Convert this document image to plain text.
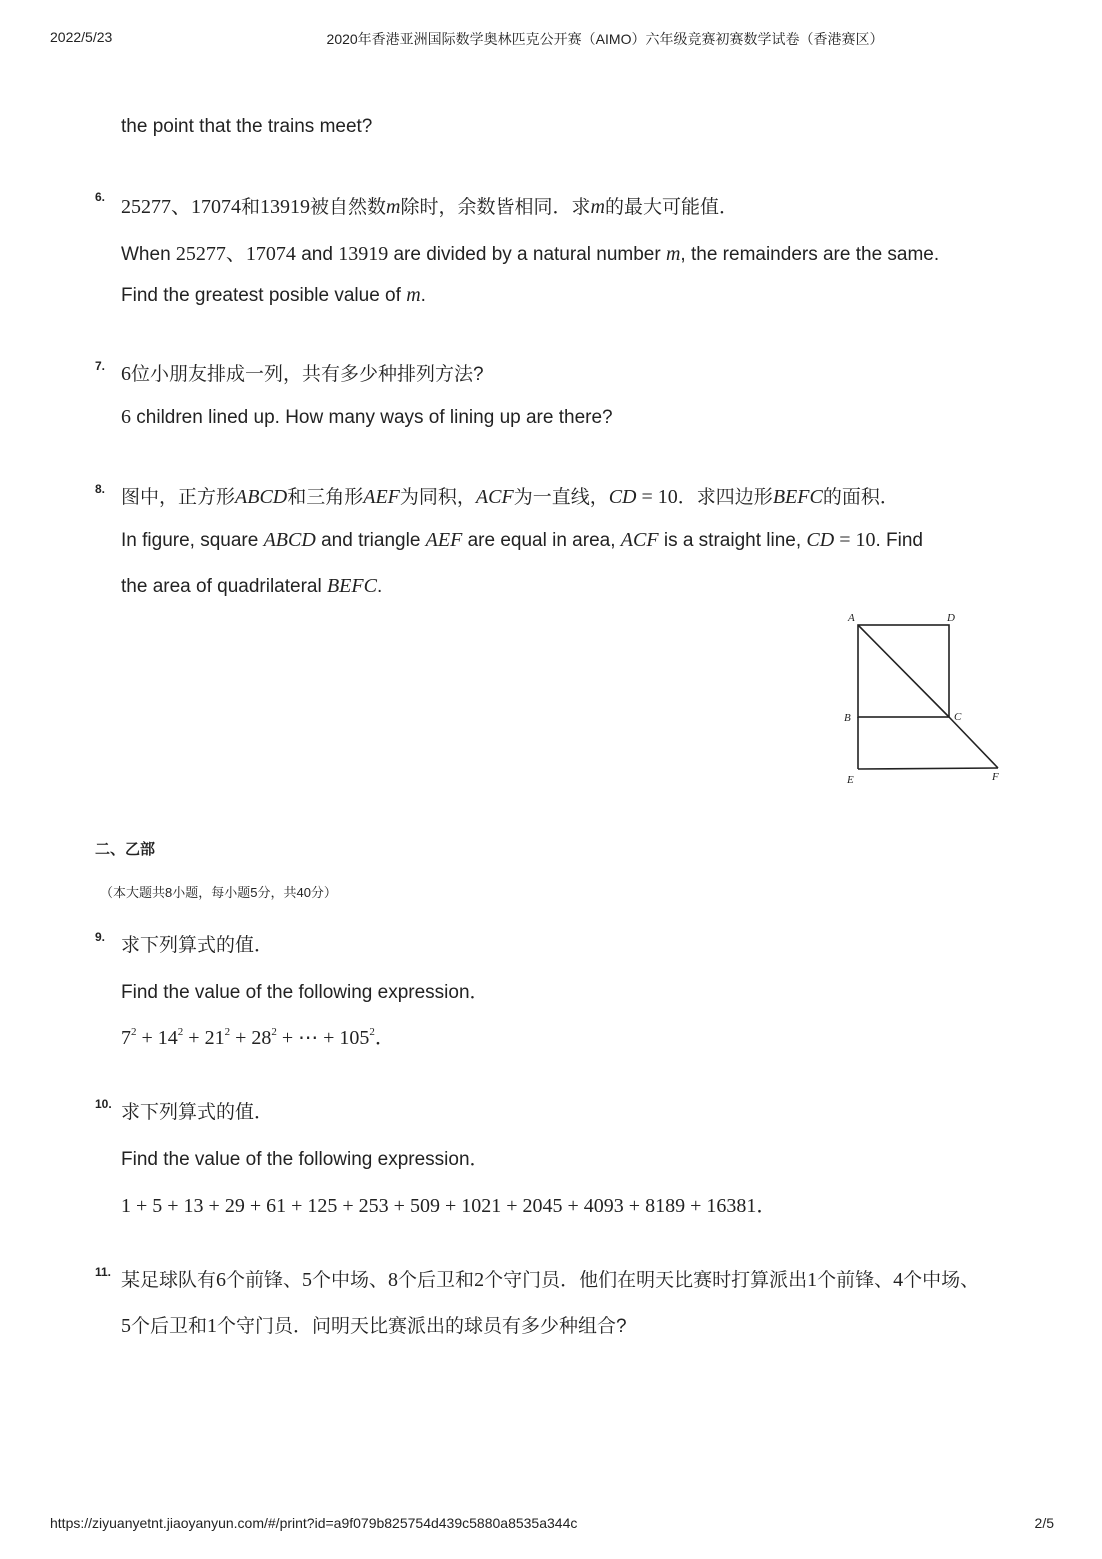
2022/5/23	2020年香港亚洲国际数学奥林匹克公开赛（AIMO）六年级竞赛初赛数学试卷（香港赛区）
the point that the trains meet?
6. 25277、17074和13919被自然数m除时，余数皆相同．求m的最大可能值．
When 25277、17074 and 13919 are divided by a natural number m, the remainders are the same.
Find the greatest posible value of m.
7. 6位小朋友排成一列，共有多少种排列方法?
6 children lined up. How many ways of lining up are there?
8. 图中，正方形ABCD和三角形AEF为同积，ACF为一直线，CD = 10．求四边形BEFC的面积．
In figure, square ABCD and triangle AEF are equal in area, ACF is a straight line, CD = 10. Find
the area of quadrilateral BEFC.
A	D
B	C
E	F
二、乙部
（本大题共8小题，每小题5分，共40分）
9. 求下列算式的值．
Find the value of the following expression．
$7^2 + 14^2 + 21^2 + 28^2$ + ⋯ + $105^2$．
10. 求下列算式的值．
Find the value of the following expression．
1 + 5 + 13 + 29 + 61 + 125 + 253 + 509 + 1021 + 2045 + 4093 + 8189 + 16381．
11. 某足球队有6个前锋、5个中场、8个后卫和2个守门员．他们在明天比赛时打算派出1个前锋、4个中场、
5个后卫和1个守门员．问明天比赛派出的球员有多少种组合?
https://ziyuanyetnt.jiaoyanyun.com/#/print?id=a9f079b825754d439c5880a8535a344c	2/5
